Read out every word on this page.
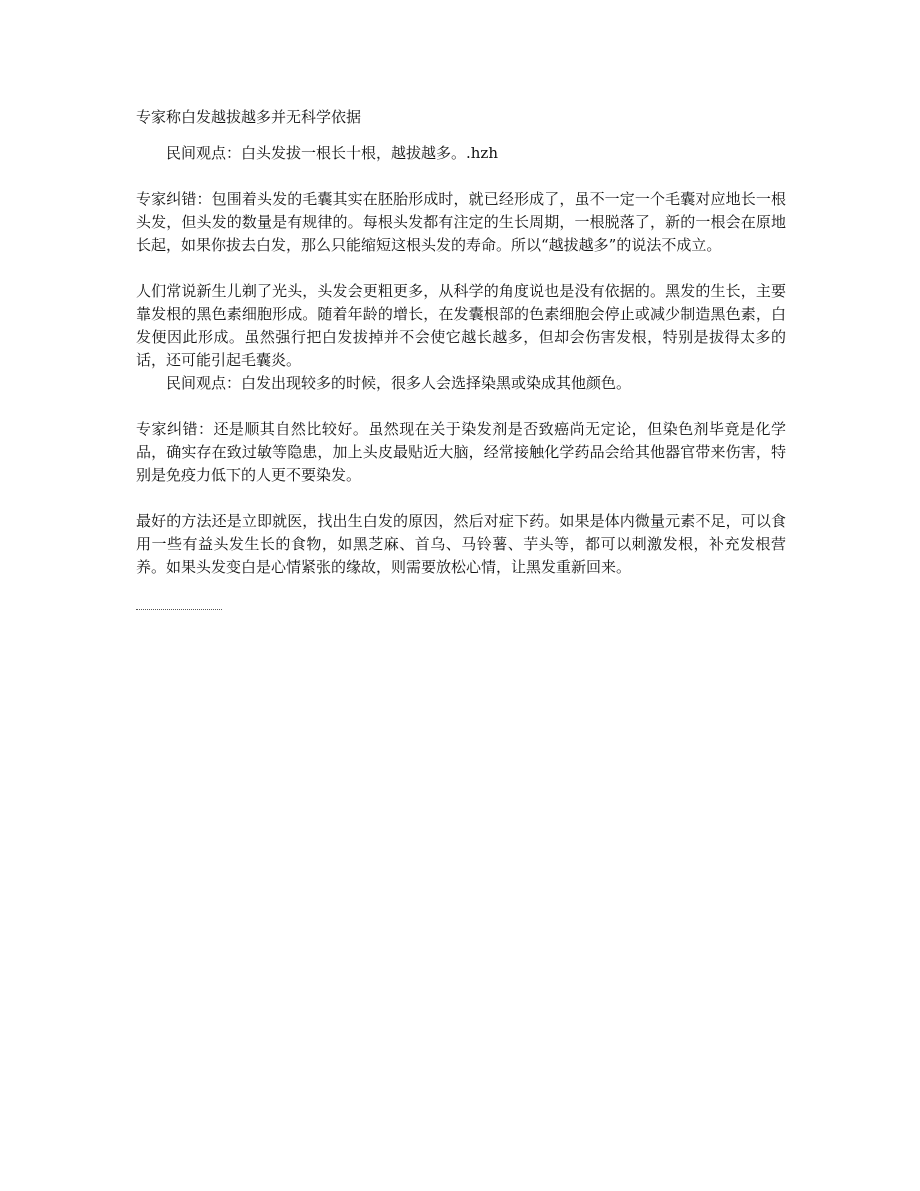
专家称白发越拔越多并无科学依据

民间观点：白头发拔一根长十根，越拔越多。.hzh

专家纠错：包围着头发的毛囊其实在胚胎形成时，就已经形成了，虽不一定一个毛囊对应地长一根头发，但头发的数量是有规律的。每根头发都有注定的生长周期，一根脱落了，新的一根会在原地长起，如果你拔去白发，那么只能缩短这根头发的寿命。所以“越拔越多”的说法不成立。

人们常说新生儿剃了光头，头发会更粗更多，从科学的角度说也是没有依据的。黑发的生长，主要靠发根的黑色素细胞形成。随着年龄的增长，在发囊根部的色素细胞会停止或减少制造黑色素，白发便因此形成。虽然强行把白发拔掉并不会使它越长越多，但却会伤害发根，特别是拔得太多的话，还可能引起毛囊炎。

民间观点：白发出现较多的时候，很多人会选择染黑或染成其他颜色。

专家纠错：还是顺其自然比较好。虽然现在关于染发剂是否致癌尚无定论，但染色剂毕竟是化学品，确实存在致过敏等隐患，加上头皮最贴近大脑，经常接触化学药品会给其他器官带来伤害，特别是免疫力低下的人更不要染发。

最好的方法还是立即就医，找出生白发的原因，然后对症下药。如果是体内微量元素不足，可以食用一些有益头发生长的食物，如黑芝麻、首乌、马铃薯、芋头等，都可以刺激发根，补充发根营养。如果头发变白是心情紧张的缘故，则需要放松心情，让黑发重新回来。
